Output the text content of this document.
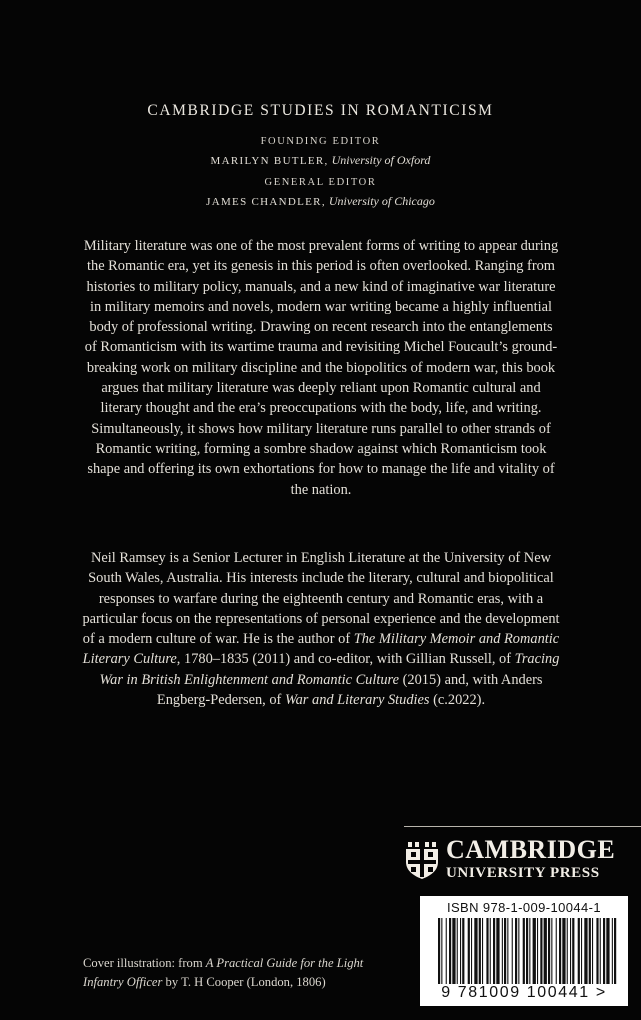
CAMBRIDGE STUDIES IN ROMANTICISM
FOUNDING EDITOR
MARILYN BUTLER, University of Oxford
GENERAL EDITOR
JAMES CHANDLER, University of Chicago

Military literature was one of the most prevalent forms of writing to appear during the Romantic era, yet its genesis in this period is often overlooked. Ranging from histories to military policy, manuals, and a new kind of imaginative war literature in military memoirs and novels, modern war writing became a highly influential body of professional writing. Drawing on recent research into the entanglements of Romanticism with its wartime trauma and revisiting Michel Foucault’s ground-breaking work on military discipline and the biopolitics of modern war, this book argues that military literature was deeply reliant upon Romantic cultural and literary thought and the era’s preoccupations with the body, life, and writing. Simultaneously, it shows how military literature runs parallel to other strands of Romantic writing, forming a sombre shadow against which Romanticism took shape and offering its own exhortations for how to manage the life and vitality of the nation.

Neil Ramsey is a Senior Lecturer in English Literature at the University of New South Wales, Australia. His interests include the literary, cultural and biopolitical responses to warfare during the eighteenth century and Romantic eras, with a particular focus on the representations of personal experience and the development of a modern culture of war. He is the author of The Military Memoir and Romantic Literary Culture, 1780–1835 (2011) and co-editor, with Gillian Russell, of Tracing War in British Enlightenment and Romantic Culture (2015) and, with Anders Engberg-Pedersen, of War and Literary Studies (c.2022).

CAMBRIDGE
UNIVERSITY PRESS
ISBN 978-1-009-10044-1
9 781009 100441 >
Cover illustration: from A Practical Guide for the Light Infantry Officer by T. H Cooper (London, 1806)
